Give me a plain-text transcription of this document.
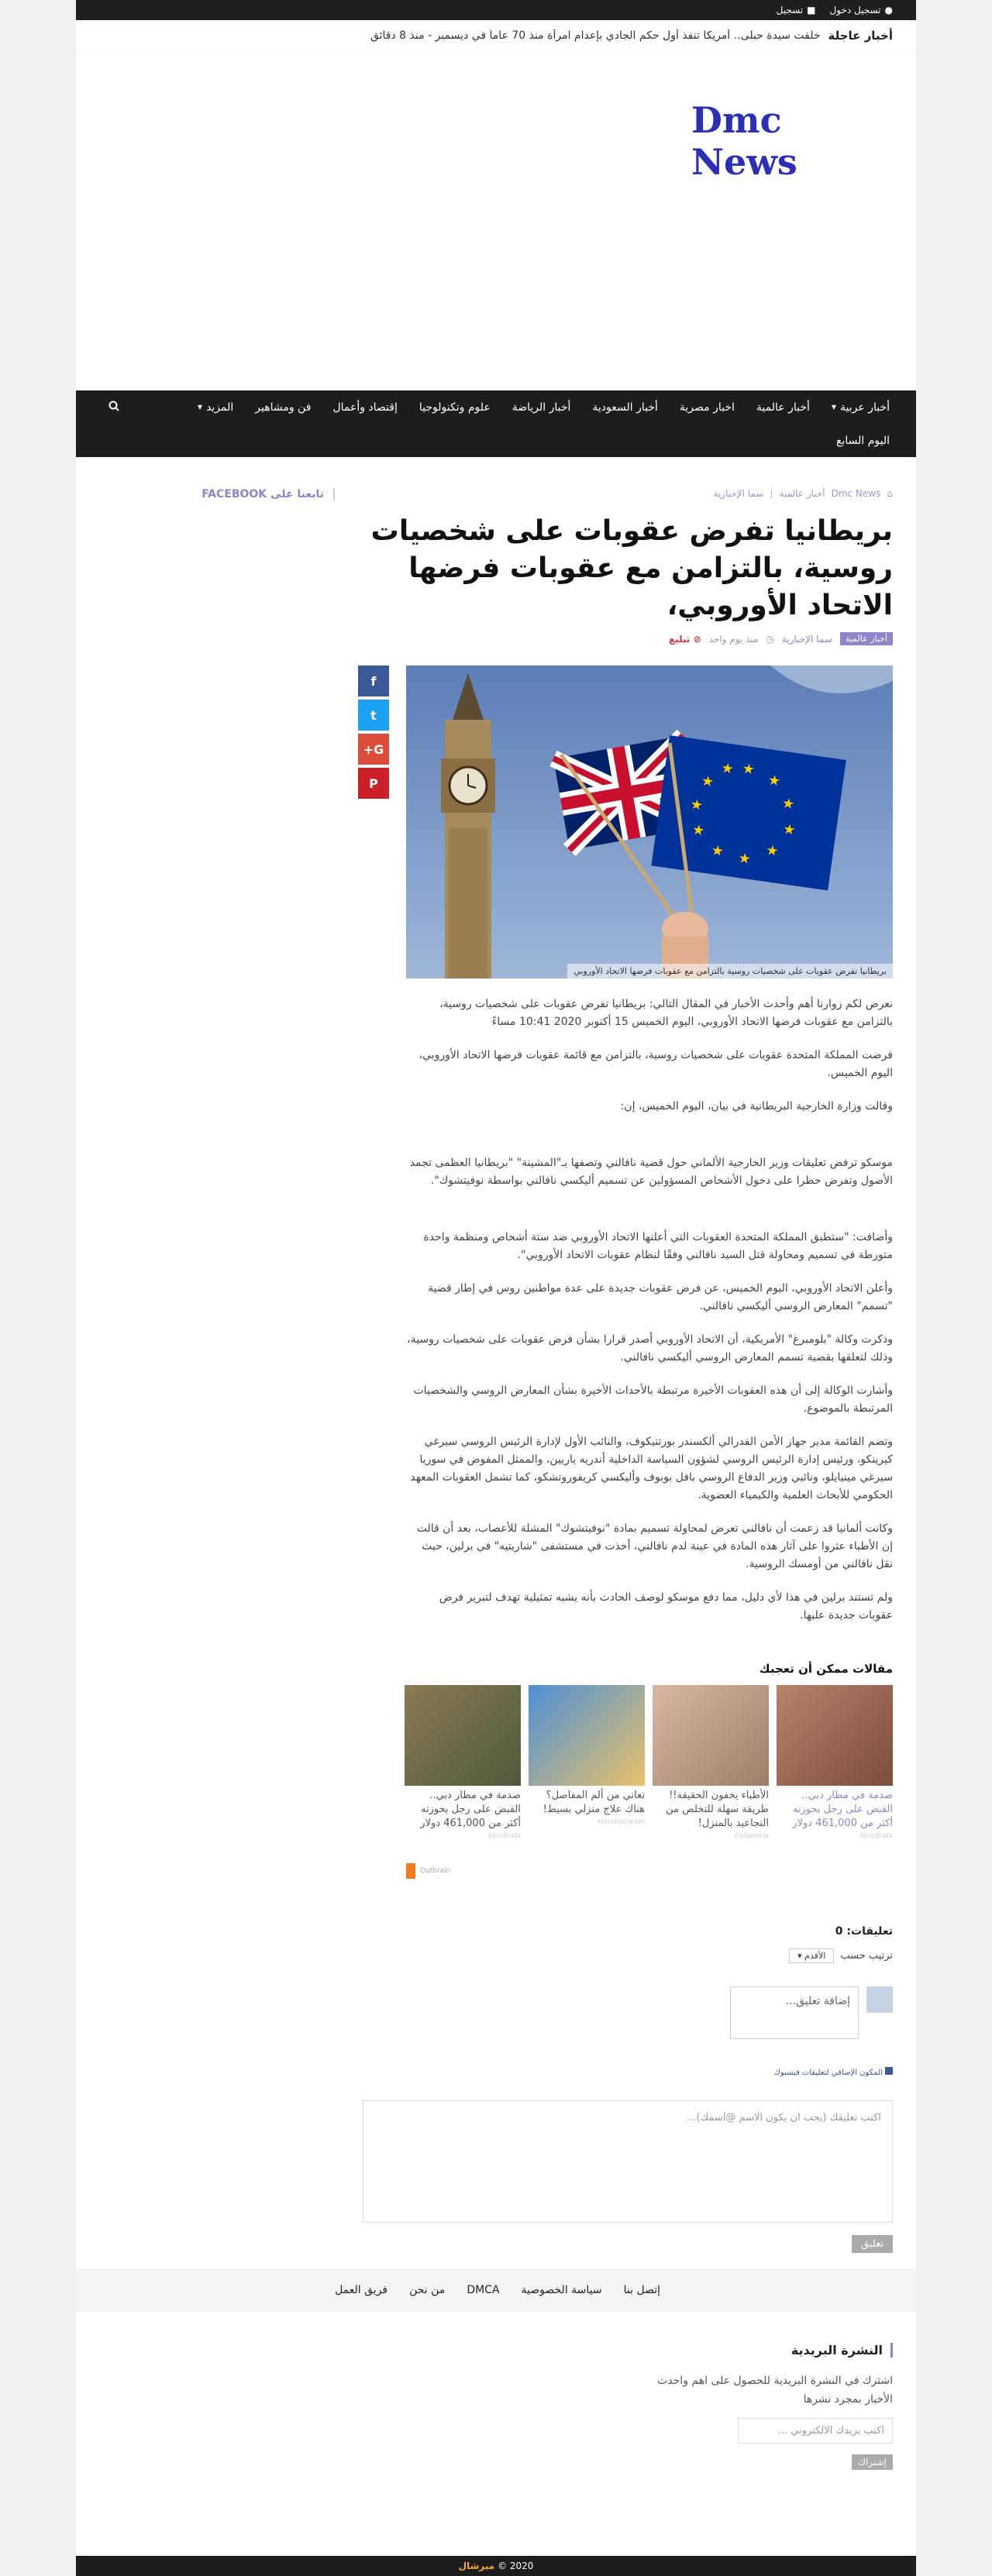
●
تسجيل دخول
■
تسجيل
أخبار عاجلة
خلفت سيدة حبلى.. أمريكا تنفذ أول حكم الجادي بإعدام امرأة منذ 70 عاماً في ديسمبر - منذ 8 دقائق
Dmc News
أخبار عربية
▼
أخبار عالمية
اخبار مصرية
أخبار السعودية
أخبار الرياضة
علوم وتكنولوجيا
إقتصاد وأعمال
فن ومشاهير
المزيد
▼
اليوم السابع
⌂
Dmc News
أخبار عالمية
|
سما الإخبارية
بريطانيا تفرض عقوبات على شخصيات روسية، بالتزامن مع عقوبات فرضها الاتحاد الأوروبي،
أخبار عالمية
سما الإخبارية
◷
منذ يوم واحد
⊘ تبليغ
★
★
★
★
★
★
★
★
★
★
★
بريطانيا تفرض عقوبات على شخصيات روسية بالتزامن مع عقوبات فرضها الاتحاد الأوروبي

نعرض لكم زوارنا أهم وأحدث الأخبار في المقال التالي: بريطانيا تفرض عقوبات على شخصيات روسية، بالتزامن مع عقوبات فرضها الاتحاد الأوروبي، اليوم الخميس 15 أكتوبر 2020 10:41 مساءً

فرضت المملكة المتحدة عقوبات على شخصيات روسية، بالتزامن مع قائمة عقوبات فرضها الاتحاد الأوروبي، اليوم الخميس.

وقالت وزارة الخارجية البريطانية في بيان، اليوم الخميس، إن:

موسكو ترفض تعليقات وزير الخارجية الألماني حول قضية نافالني وتصفها بـ"المشينة" "بريطانيا العظمى تجمد الأصول وتفرض حظرا على دخول الأشخاص المسؤولين عن تسميم أليكسي نافالني بواسطة نوفيتشوك".

وأضافت: "ستطبق المملكة المتحدة العقوبات التي أعلنها الاتحاد الأوروبي ضد ستة أشخاص ومنظمة واحدة متورطة في تسميم ومحاولة قتل السيد نافالني وفقًا لنظام عقوبات الاتحاد الأوروبي".

وأعلن الاتحاد الأوروبي، اليوم الخميس، عن فرض عقوبات جديدة على عدة مواطنين روس في إطار قضية "تسمم" المعارض الروسي أليكسي نافالني.

وذكرت وكالة "بلومبرغ" الأمريكية، أن الاتحاد الأوروبي أصدر قرارا بشأن فرض عقوبات على شخصيات روسية، وذلك لتعلقها بقضية تسمم المعارض الروسي أليكسي نافالني.

وأشارت الوكالة إلى أن هذه العقوبات الأخيرة مرتبطة بالأحداث الأخيرة بشأن المعارض الروسي والشخصيات المرتبطة بالموضوع.

وتضم القائمة مدير جهاز الأمن الفدرالي ألكسندر بورتنيكوف، والنائب الأول لإدارة الرئيس الروسي سيرغي كيرينكو، ورئيس إدارة الرئيس الروسي لشؤون السياسة الداخلية أندريه ياريين، والممثل المفوض في سوريا سيرغي مينيايلو، ونائبي وزير الدفاع الروسي بافل بوبوف وأليكسي كريفوروتشكو، كما تشمل العقوبات المعهد الحكومي للأبحاث العلمية والكيمياء العضوية.

وكانت ألمانيا قد زعمت أن نافالني تعرض لمحاولة تسميم بمادة "نوفيتشوك" المشلة للأعصاب، بعد أن قالت إن الأطباء عثروا على آثار هذه المادة في عينة لدم نافالني، أخذت في مستشفى "شاريتيه" في برلين، حيث نقل نافالني من أومسك الروسية.

ولم تستند برلين في هذا لأي دليل، مما دفع موسكو لوصف الحادث بأنه يشبه تمثيلية تهدف لتبرير فرض عقوبات جديدة عليها.

مقالات ممكن أن تعجبك
صدمة في مطار دبي.. القبض على رجل بحوزته أكثر من 461,000 دولار
Abudhabi
الأطباء يخفون الحقيقة!! طريقة سهلة للتخلص من التجاعيد بالمنزل!
Collasoria
تعاني من ألم المفاصل؟ هناك علاج منزلي بسيط!
Hondrocream
صدمة في مطار دبي.. القبض على رجل بحوزته أكثر من 461,000 دولار
Abudhabi
Outbrain
تعليقات: 0
ترتيب حسب
الأقدم ▾
إضافة تعليق...
المكون الإضافي لتعليقات فيسبوك
اكتب تعليقك (يجب ان يكون الاسم @اسمك)...
تعليق
f
t
G+
P
تابعنا على FACEBOOK
إتصل بنا
سياسة الخصوصية
DMCA
من نحن
فريق العمل
النشرة البريدية
اشترك في النشرة البريدية للحصول على اهم واحدث الأخبار بمجرد نشرها
اكتب بريدك الالكتروني ...
إشتراك
2020 ©
ميرشال
